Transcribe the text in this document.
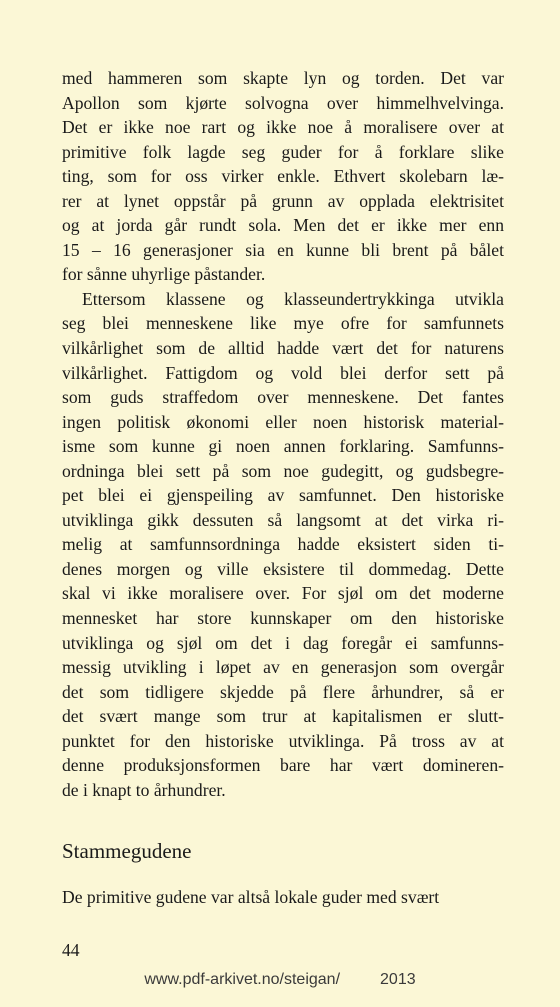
med hammeren som skapte lyn og torden. Det var
Apollon som kjørte solvogna over himmelhvelvinga.
Det er ikke noe rart og ikke noe å moralisere over at
primitive folk lagde seg guder for å forklare slike
ting, som for oss virker enkle. Ethvert skolebarn læ-
rer at lynet oppstår på grunn av opplada elektrisitet
og at jorda går rundt sola. Men det er ikke mer enn
15 – 16 generasjoner sia en kunne bli brent på bålet
for sånne uhyrlige påstander.
Ettersom klassene og klasseundertrykkinga utvikla
seg blei menneskene like mye ofre for samfunnets
vilkårlighet som de alltid hadde vært det for naturens
vilkårlighet. Fattigdom og vold blei derfor sett på
som guds straffedom over menneskene. Det fantes
ingen politisk økonomi eller noen historisk material-
isme som kunne gi noen annen forklaring. Samfunns-
ordninga blei sett på som noe gudegitt, og gudsbegre-
pet blei ei gjenspeiling av samfunnet. Den historiske
utviklinga gikk dessuten så langsomt at det virka ri-
melig at samfunnsordninga hadde eksistert siden ti-
denes morgen og ville eksistere til dommedag. Dette
skal vi ikke moralisere over. For sjøl om det moderne
mennesket har store kunnskaper om den historiske
utviklinga og sjøl om det i dag foregår ei samfunns-
messig utvikling i løpet av en generasjon som overgår
det som tidligere skjedde på flere århundrer, så er
det svært mange som trur at kapitalismen er slutt-
punktet for den historiske utviklinga. På tross av at
denne produksjonsformen bare har vært domineren-
de i knapt to århundrer.
Stammegudene
De primitive gudene var altså lokale guder med svært
44
www.pdf-arkivet.no/steigan/	2013
